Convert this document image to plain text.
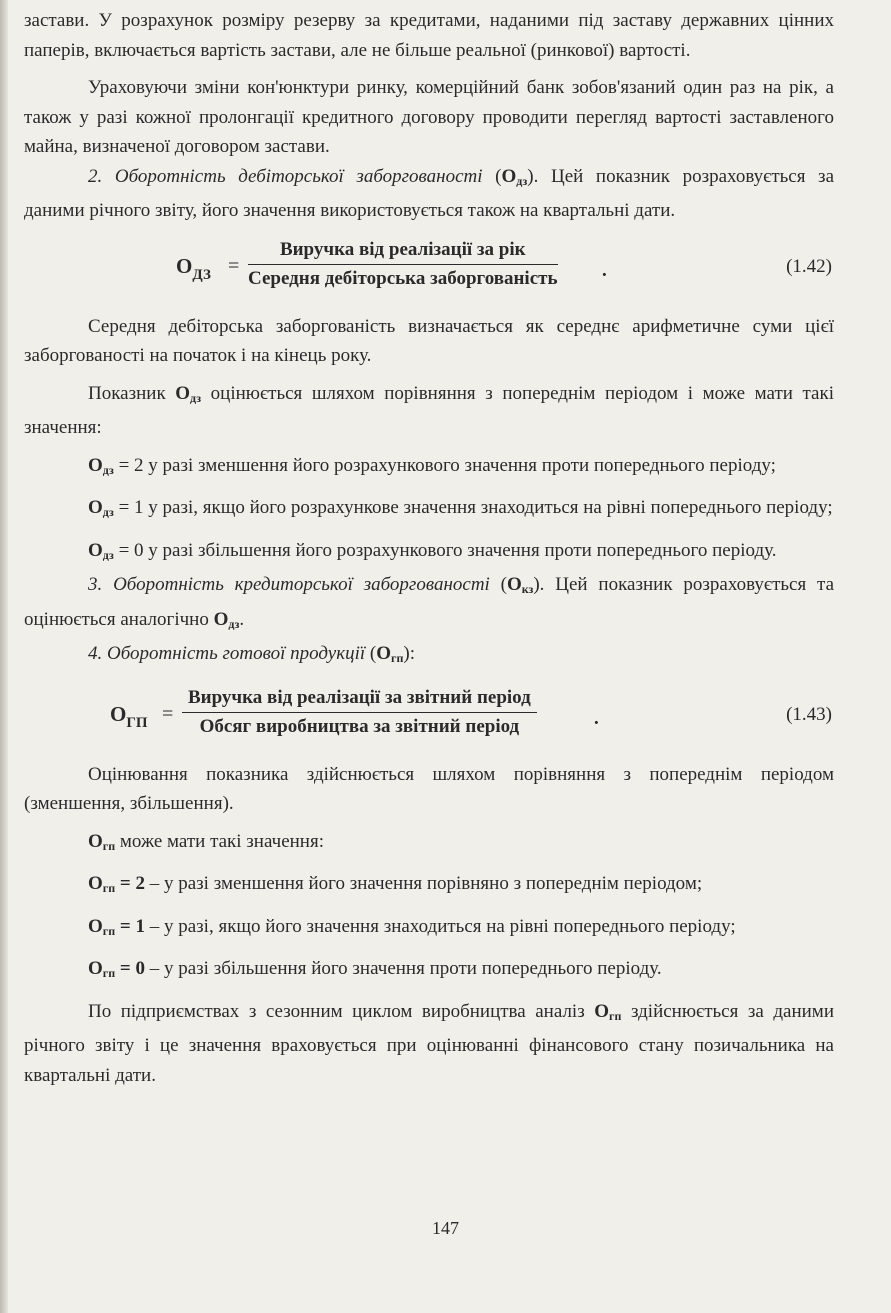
застави. У розрахунок розміру резерву за кредитами, наданими під заставу державних цінних паперів, включається вартість застави, але не більше реальної (ринкової) вартості.

Ураховуючи зміни кон'юнктури ринку, комерційний банк зобов'язаний один раз на рік, а також у разі кожної пролонгації кредитного договору проводити перегляд вартості заставленого майна, визначеної договором застави.

2. Оборотність дебіторської заборгованості $(О_{дз})$. Цей показник розраховується за даними річного звіту, його значення використовується також на квартальні дати.

$О_{ДЗ}$ =
Виручка від реалізації за рік
Середня дебіторська заборгованість .	(1.42)

Середня дебіторська заборгованість визначається як середнє арифметичне суми цієї заборгованості на початок і на кінець року.

Показник $О_{дз}$ оцінюється шляхом порівняння з попереднім періодом і може мати такі значення:

$О_{дз} = 2$ у разі зменшення його розрахункового значення проти попереднього періоду;

$О_{дз} = 1$ у разі, якщо його розрахункове значення знаходиться на рівні попереднього періоду;

$О_{дз} = 0$ у разі збільшення його розрахункового значення проти попереднього періоду.

3. Оборотність кредиторської заборгованості $(О_{кз})$. Цей показник розраховується та оцінюється аналогічно $О_{дз}$.

4. Оборотність готової продукції $(О_{гп})$:

$О_{ГП}$ =
Виручка від реалізації за звітний період
Обсяг виробництва за звітний період	.	(1.43)

Оцінювання показника здійснюється шляхом порівняння з попереднім періодом (зменшення, збільшення).

$О_{гп}$ може мати такі значення:

$О_{гп} = 2 - у$ разі зменшення його значення порівняно з попереднім періодом;

$О_{гп} = 1 - у$ разі, якщо його значення знаходиться на рівні попереднього періоду;

$О_{гп} = 0 - у$ разі збільшення його значення проти попереднього періоду.

По підприємствах з сезонним циклом виробництва аналіз $О_{гп}$ здійснюється за даними річного звіту і це значення враховується при оцінюванні фінансового стану позичальника на квартальні дати.

147
